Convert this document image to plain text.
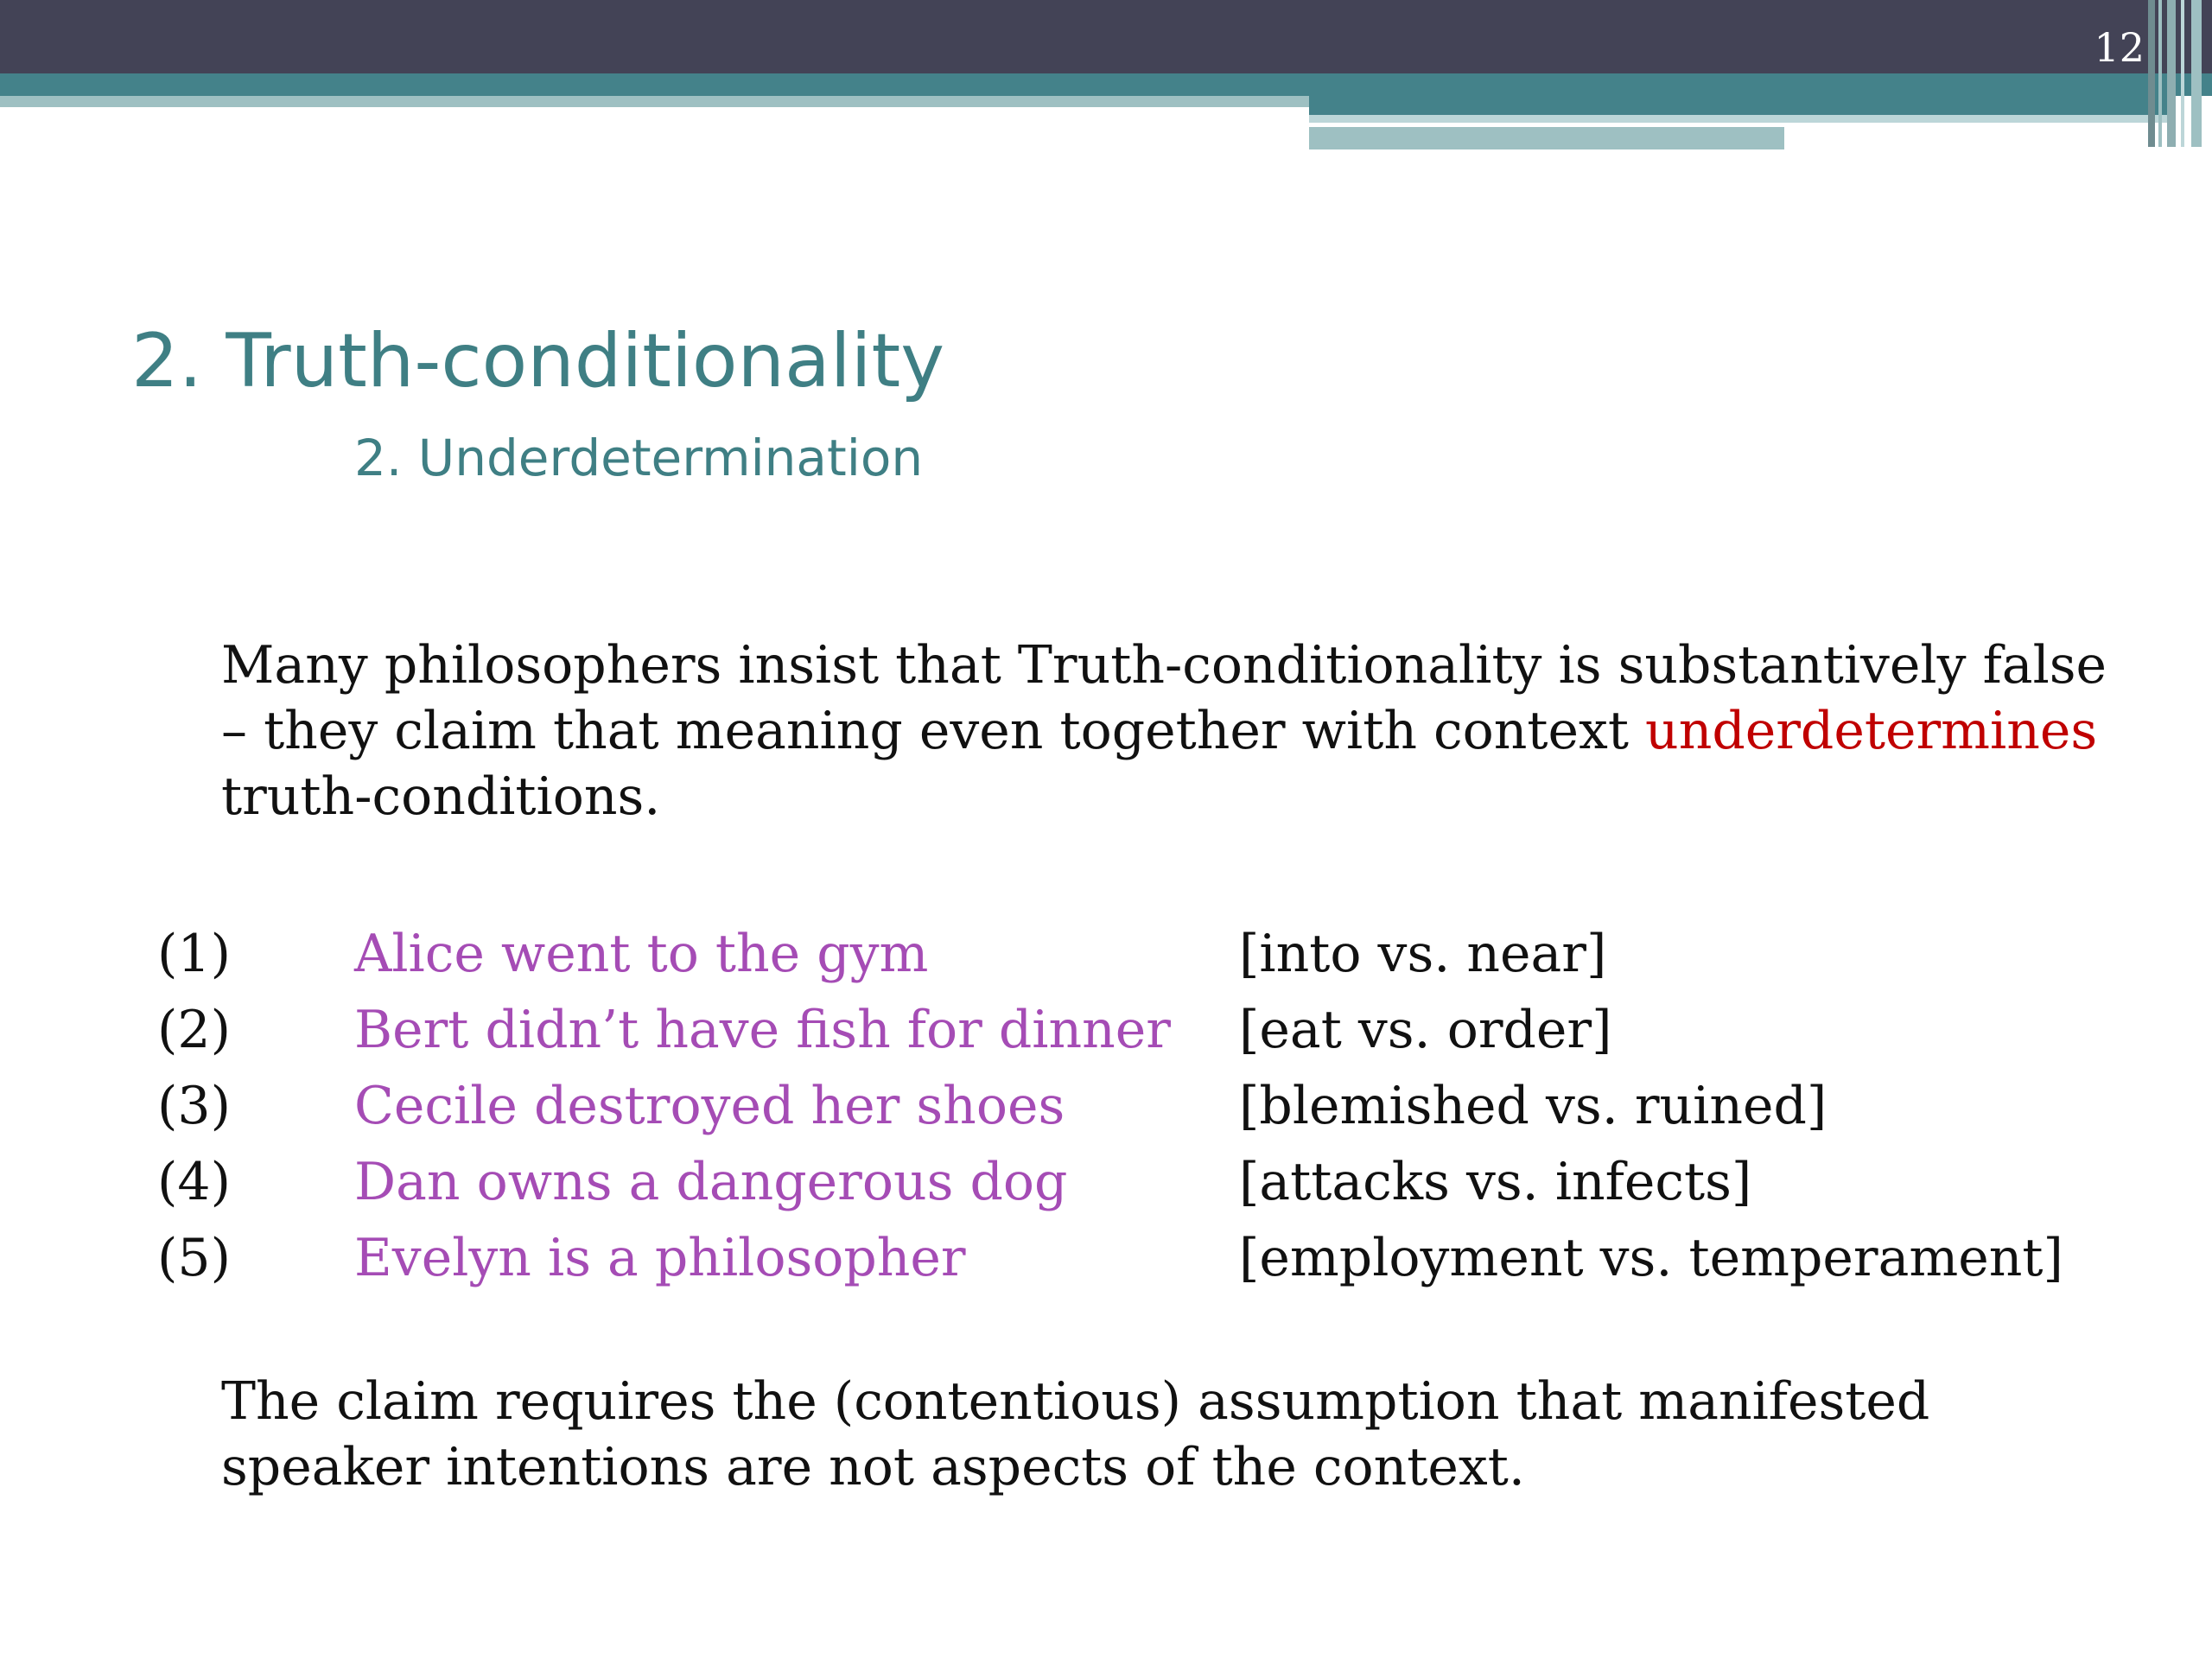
12
2. Truth-conditionality
2. Underdetermination

Many philosophers insist that Truth-conditionality is substantively false – they claim that meaning even together with context underdetermines truth-conditions.

(1) Alice went to the gym	[into vs. near]
(2) Bert didn’t have fish for dinner [eat vs. order]
(3) Cecile destroyed her shoes	[blemished vs. ruined]
(4) Dan owns a dangerous dog	[attacks vs. infects]
(5) Evelyn is a philosopher	[employment vs. temperament]

The claim requires the (contentious) assumption that manifested speaker intentions are not aspects of the context.
